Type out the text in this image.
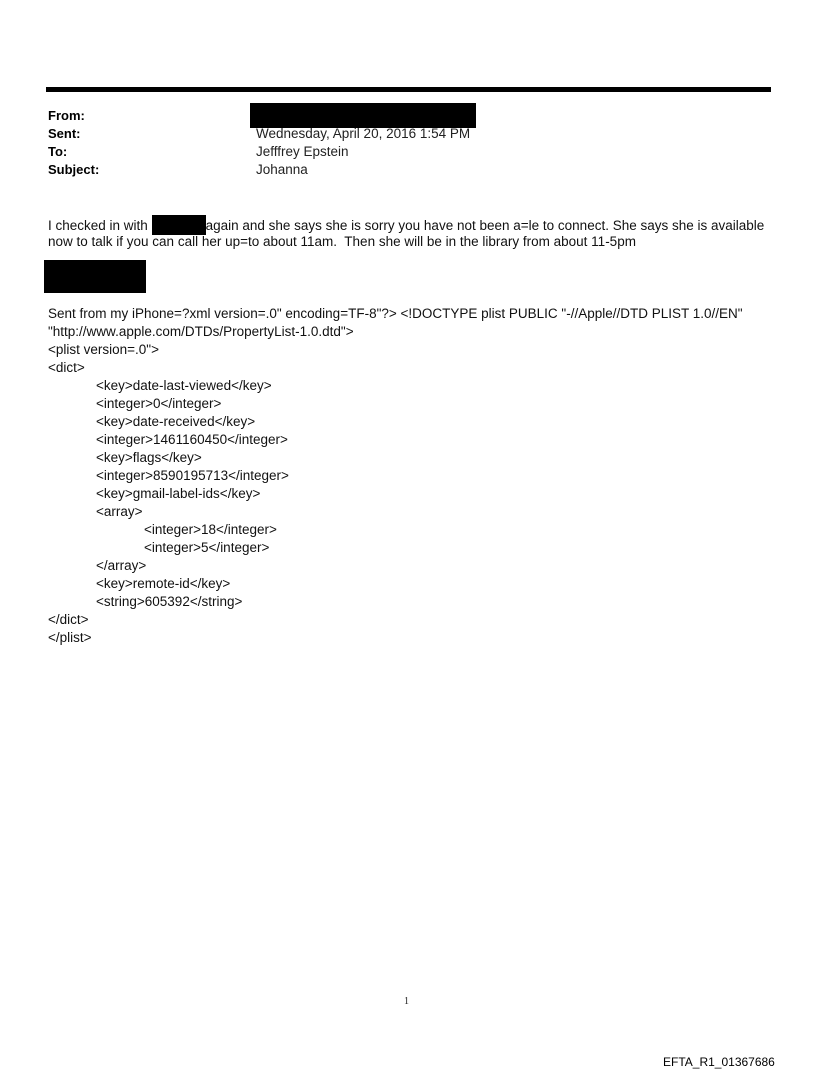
From:
Sent:
To:
Subject:
Wednesday, April 20, 2016 1:54 PM
Jefffrey Epstein
Johanna
I checked in with	again and she says she is sorry you have not been a=le to connect. She says she is available
now to talk if you can call her up=to about 11am.  Then she will be in the library from about 11-5pm
Sent from my iPhone=?xml version=.0" encoding=TF-8"?> <!DOCTYPE plist PUBLIC "-//Apple//DTD PLIST 1.0//EN"
"http://www.apple.com/DTDs/PropertyList-1.0.dtd">
<plist version=.0">
<dict>
<key>date-last-viewed</key>
<integer>0</integer>
<key>date-received</key>
<integer>1461160450</integer>
<key>flags</key>
<integer>8590195713</integer>
<key>gmail-label-ids</key>
<array>
<integer>18</integer>
<integer>5</integer>
</array>
<key>remote-id</key>
<string>605392</string>
</dict>
</plist>
1
EFTA_R1_01367686
